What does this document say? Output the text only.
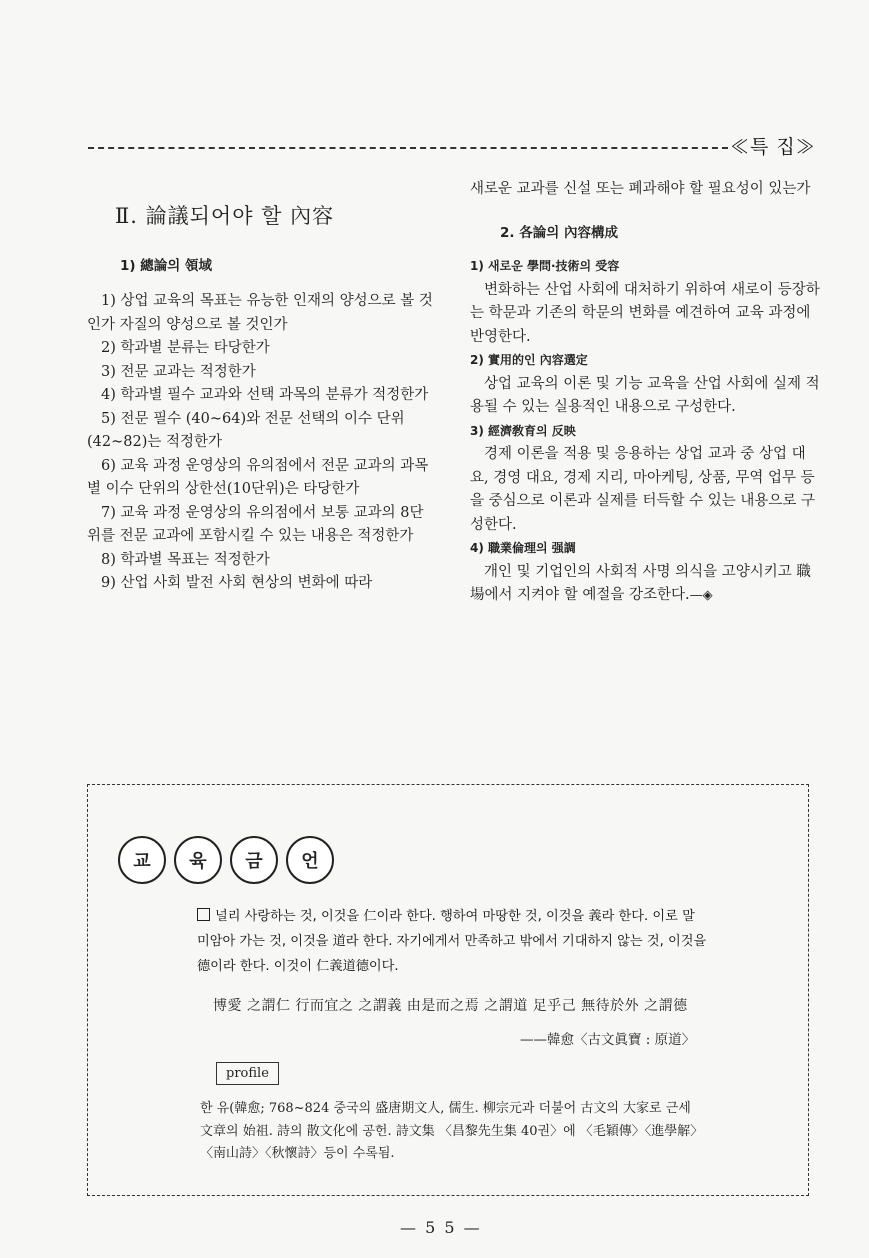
≪특 집≫
Ⅱ. 論議되어야 할 內容
1) 總論의 領域

1) 상업 교육의 목표는 유능한 인재의 양성으로 볼 것인가 자질의 양성으로 볼 것인가

2) 학과별 분류는 타당한가

3) 전문 교과는 적정한가

4) 학과별 필수 교과와 선택 과목의 분류가 적정한가

5) 전문 필수 (40~64)와 전문 선택의 이수 단위 (42~82)는 적정한가

6) 교육 과정 운영상의 유의점에서 전문 교과의 과목별 이수 단위의 상한선(10단위)은 타당한가

7) 교육 과정 운영상의 유의점에서 보통 교과의 8단위를 전문 교과에 포함시킬 수 있는 내용은 적정한가

8) 학과별 목표는 적정한가

9) 산업 사회 발전 사회 현상의 변화에 따라

새로운 교과를 신설 또는 폐과해야 할 필요성이 있는가

2. 各論의 內容構成

1) 새로운 學問·技術의 受容

변화하는 산업 사회에 대처하기 위하여 새로이 등장하는 학문과 기존의 학문의 변화를 예견하여 교육 과정에 반영한다.

2) 實用的인 內容選定

상업 교육의 이론 및 기능 교육을 산업 사회에 실제 적용될 수 있는 실용적인 내용으로 구성한다.

3) 經濟敎育의 反映

경제 이론을 적용 및 응용하는 상업 교과 중 상업 대요, 경영 대요, 경제 지리, 마아케팅, 상품, 무역 업무 등을 중심으로 이론과 실제를 터득할 수 있는 내용으로 구성한다.

4) 職業倫理의 强調

개인 및 기업인의 사회적 사명 의식을 고양시키고 職場에서 지켜야 할 예절을 강조한다.—◈

교	육	금	언
널리 사랑하는 것, 이것을 仁이라 한다. 행하여 마땅한 것, 이것을 義라 한다. 이로 말미암아 가는 것, 이것을 道라 한다. 자기에게서 만족하고 밖에서 기대하지 않는 것, 이것을 德이라 한다. 이것이 仁義道德이다.
博愛 之謂仁 行而宜之 之謂義 由是而之焉 之謂道 足乎己 無待於外 之謂德
——韓愈〈古文眞寶 : 原道〉
profile
한 유(韓愈; 768~824 중국의 盛唐期文人, 儒生. 柳宗元과 더불어 古文의 大家로 근세 文章의 始祖. 詩의 散文化에 공헌. 詩文集 〈昌黎先生集 40권〉에 〈毛穎傳〉〈進學解〉〈南山詩〉〈秋懷詩〉등이 수록됨.
— 5 5 —
